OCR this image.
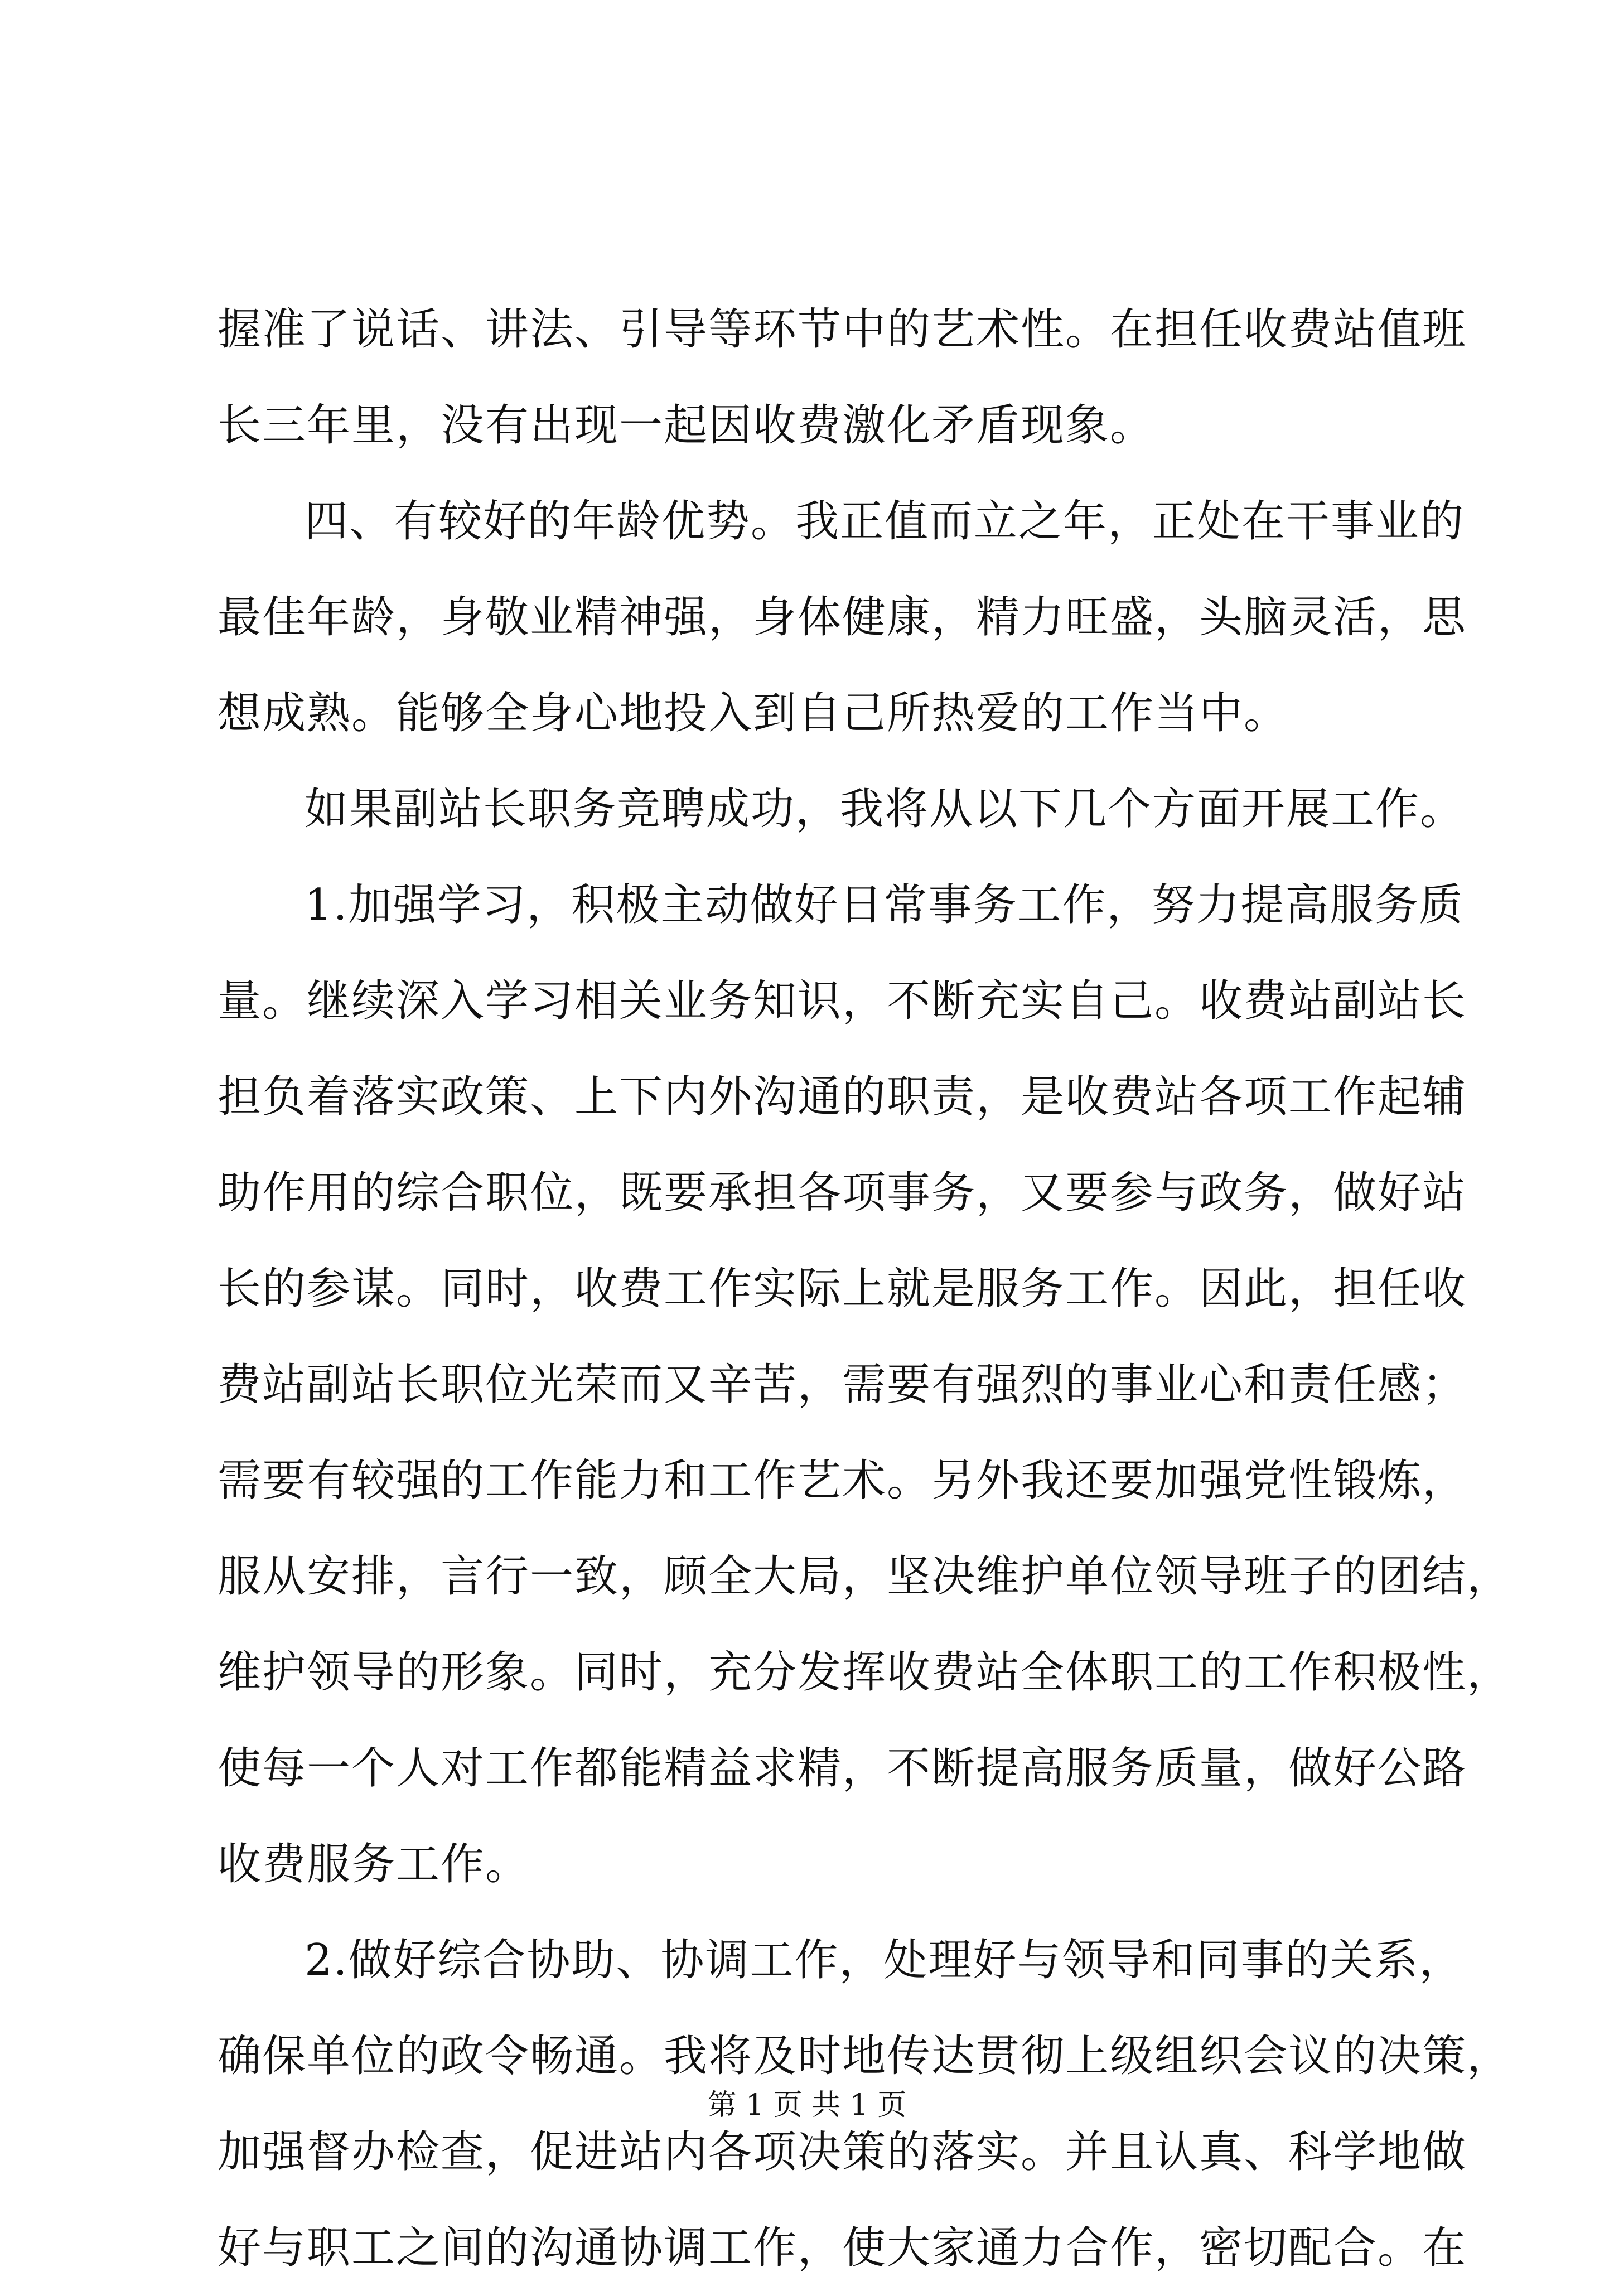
握准了说话、讲法、引导等环节中的艺术性。在担任收费站值班
长三年里，没有出现一起因收费激化矛盾现象。
四、有较好的年龄优势。我正值而立之年，正处在干事业的
最佳年龄，身敬业精神强，身体健康，精力旺盛，头脑灵活，思
想成熟。能够全身心地投入到自己所热爱的工作当中。
如果副站长职务竞聘成功，我将从以下几个方面开展工作。
1.加强学习，积极主动做好日常事务工作，努力提高服务质
量。继续深入学习相关业务知识，不断充实自己。收费站副站长
担负着落实政策、上下内外沟通的职责，是收费站各项工作起辅
助作用的综合职位，既要承担各项事务，又要参与政务，做好站
长的参谋。同时，收费工作实际上就是服务工作。因此，担任收
费站副站长职位光荣而又辛苦，需要有强烈的事业心和责任感；
需要有较强的工作能力和工作艺术。另外我还要加强党性锻炼，
服从安排，言行一致，顾全大局，坚决维护单位领导班子的团结，
维护领导的形象。同时，充分发挥收费站全体职工的工作积极性，
使每一个人对工作都能精益求精，不断提高服务质量，做好公路
收费服务工作。
2.做好综合协助、协调工作，处理好与领导和同事的关系，
确保单位的政令畅通。我将及时地传达贯彻上级组织会议的决策，
加强督办检查，促进站内各项决策的落实。并且认真、科学地做
好与职工之间的沟通协调工作，使大家通力合作，密切配合。在
第 1 页 共 1 页
